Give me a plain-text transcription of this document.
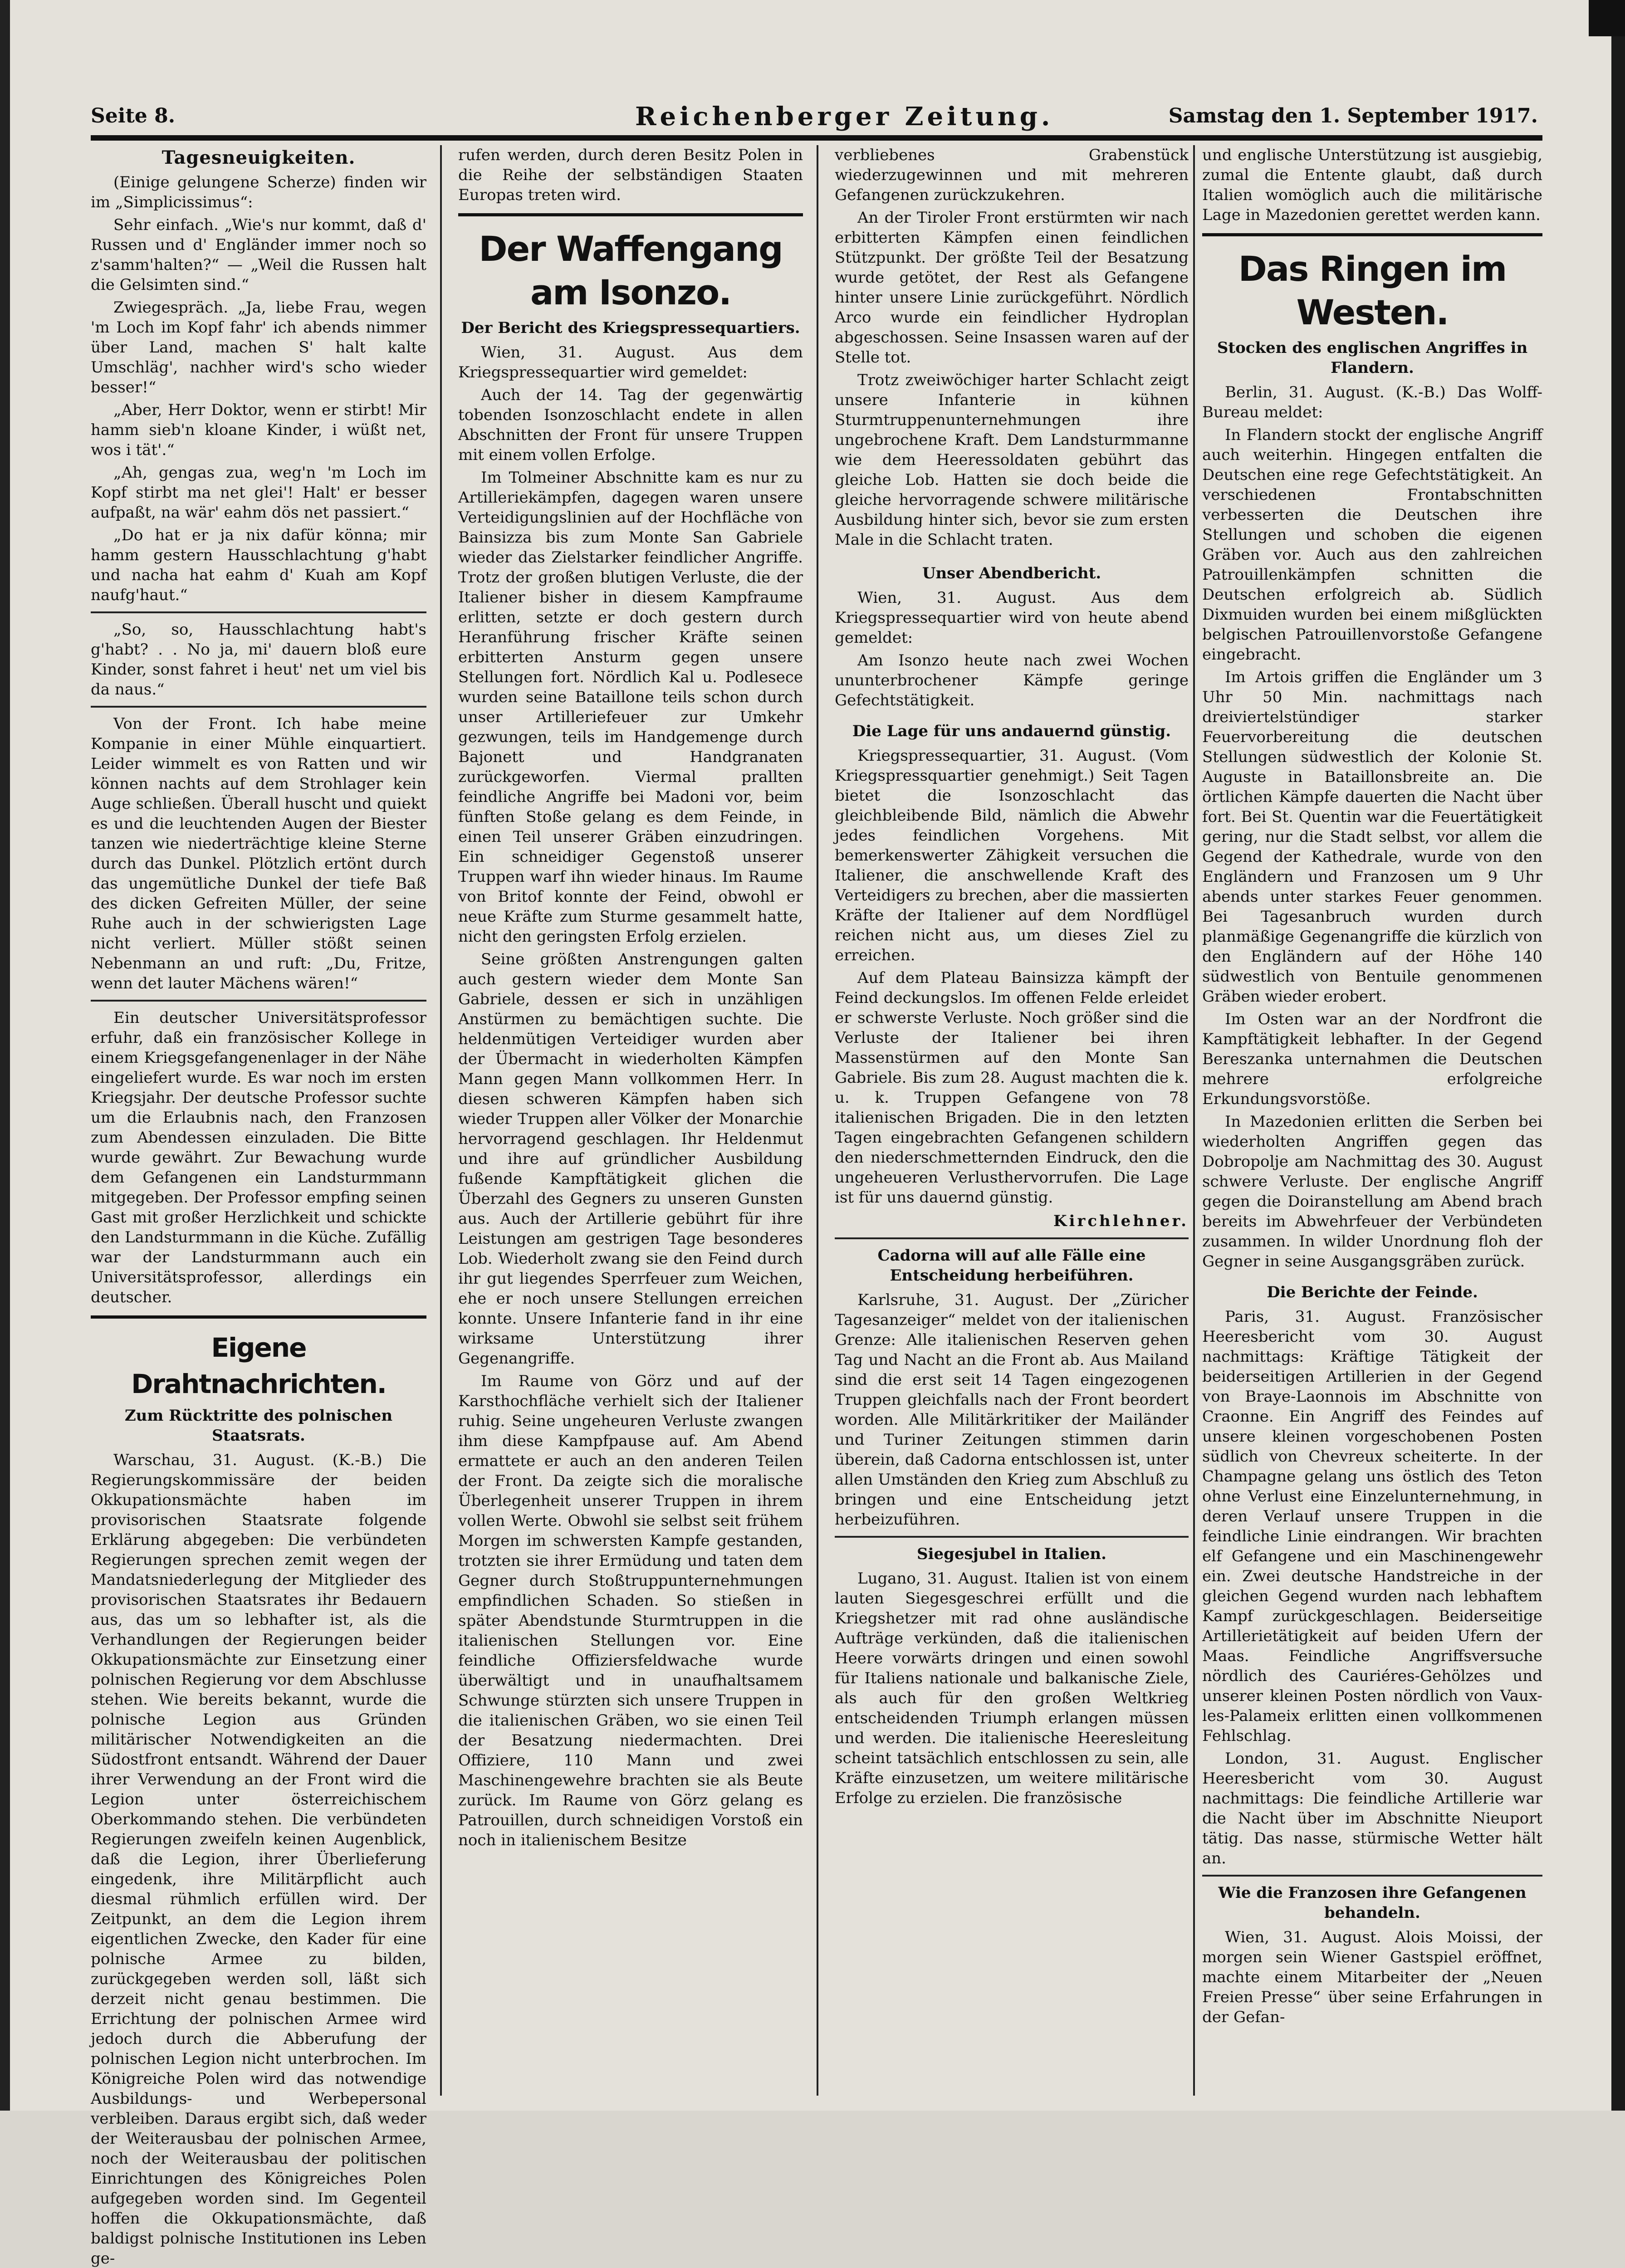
Seite 8.	Reichenberger Zeitung.	Samstag den 1. September 1917.
Tagesneuigkeiten.

(Einige gelungene Scherze) finden wir im „Simplicissimus“:

Sehr einfach. „Wie's nur kommt, daß d' Russen und d' Engländer immer noch so z'samm'halten?“ — „Weil die Russen halt die Gelsimten sind.“

Zwiegespräch. „Ja, liebe Frau, wegen 'm Loch im Kopf fahr' ich abends nimmer über Land, machen S' halt kalte Umschläg', nachher wird's scho wieder besser!“

„Aber, Herr Doktor, wenn er stirbt! Mir hamm sieb'n kloane Kinder, i wüßt net, wos i tät'.“

„Ah, gengas zua, weg'n 'm Loch im Kopf stirbt ma net glei'! Halt' er besser aufpaßt, na wär' eahm dös net passiert.“

„Do hat er ja nix dafür könna; mir hamm gestern Hausschlachtung g'habt und nacha hat eahm d' Kuah am Kopf naufg'haut.“

„So, so, Hausschlachtung habt's g'habt? . . No ja, mi' dauern bloß eure Kinder, sonst fahret i heut' net um viel bis da naus.“

Von der Front. Ich habe meine Kompanie in einer Mühle einquartiert. Leider wimmelt es von Ratten und wir können nachts auf dem Strohlager kein Auge schließen. Überall huscht und quiekt es und die leuchtenden Augen der Biester tanzen wie niederträchtige kleine Sterne durch das Dunkel. Plötzlich ertönt durch das ungemütliche Dunkel der tiefe Baß des dicken Gefreiten Müller, der seine Ruhe auch in der schwierigsten Lage nicht verliert. Müller stößt seinen Nebenmann an und ruft: „Du, Fritze, wenn det lauter Mächens wären!“

Ein deutscher Universitätsprofessor erfuhr, daß ein französischer Kollege in einem Kriegsgefangenenlager in der Nähe eingeliefert wurde. Es war noch im ersten Kriegsjahr. Der deutsche Professor suchte um die Erlaubnis nach, den Franzosen zum Abendessen einzuladen. Die Bitte wurde gewährt. Zur Bewachung wurde dem Gefangenen ein Landsturmmann mitgegeben. Der Professor empfing seinen Gast mit großer Herzlichkeit und schickte den Landsturmmann in die Küche. Zufällig war der Landsturmmann auch ein Universitätsprofessor, allerdings ein deutscher.

Eigene Drahtnachrichten.
Zum Rücktritte des polnischen Staatsrats.

Warschau, 31. August. (K.-B.) Die Regierungskommissäre der beiden Okkupationsmächte haben im provisorischen Staatsrate folgende Erklärung abgegeben: Die verbündeten Regierungen sprechen zemit wegen der Mandatsniederlegung der Mitglieder des provisorischen Staatsrates ihr Bedauern aus, das um so lebhafter ist, als die Verhandlungen der Regierungen beider Okkupationsmächte zur Einsetzung einer polnischen Regierung vor dem Abschlusse stehen. Wie bereits bekannt, wurde die polnische Legion aus Gründen militärischer Notwendigkeiten an die Südostfront entsandt. Während der Dauer ihrer Verwendung an der Front wird die Legion unter österreichischem Oberkommando stehen. Die verbündeten Regierungen zweifeln keinen Augenblick, daß die Legion, ihrer Überlieferung eingedenk, ihre Militärpflicht auch diesmal rühmlich erfüllen wird. Der Zeitpunkt, an dem die Legion ihrem eigentlichen Zwecke, den Kader für eine polnische Armee zu bilden, zurückgegeben werden soll, läßt sich derzeit nicht genau bestimmen. Die Errichtung der polnischen Armee wird jedoch durch die Abberufung der polnischen Legion nicht unterbrochen. Im Königreiche Polen wird das notwendige Ausbildungs- und Werbepersonal verbleiben. Daraus ergibt sich, daß weder der Weiterausbau der polnischen Armee, noch der Weiterausbau der politischen Einrichtungen des Königreiches Polen aufgegeben worden sind. Im Gegenteil hoffen die Okkupationsmächte, daß baldigst polnische Institutionen ins Leben ge-

rufen werden, durch deren Besitz Polen in die Reihe der selbständigen Staaten Europas treten wird.

Der Waffengang am Isonzo.
Der Bericht des Kriegspressequartiers.

Wien, 31. August. Aus dem Kriegspressequartier wird gemeldet:

Auch der 14. Tag der gegenwärtig tobenden Isonzoschlacht endete in allen Abschnitten der Front für unsere Truppen mit einem vollen Erfolge.

Im Tolmeiner Abschnitte kam es nur zu Artilleriekämpfen, dagegen waren unsere Verteidigungslinien auf der Hochfläche von Bainsizza bis zum Monte San Gabriele wieder das Zielstarker feindlicher Angriffe. Trotz der großen blutigen Verluste, die der Italiener bisher in diesem Kampfraume erlitten, setzte er doch gestern durch Heranführung frischer Kräfte seinen erbitterten Ansturm gegen unsere Stellungen fort. Nördlich Kal u. Podlesece wurden seine Bataillone teils schon durch unser Artilleriefeuer zur Umkehr gezwungen, teils im Handgemenge durch Bajonett und Handgranaten zurückgeworfen. Viermal prallten feindliche Angriffe bei Madoni vor, beim fünften Stoße gelang es dem Feinde, in einen Teil unserer Gräben einzudringen. Ein schneidiger Gegenstoß unserer Truppen warf ihn wieder hinaus. Im Raume von Britof konnte der Feind, obwohl er neue Kräfte zum Sturme gesammelt hatte, nicht den geringsten Erfolg erzielen.

Seine größten Anstrengungen galten auch gestern wieder dem Monte San Gabriele, dessen er sich in unzähligen Anstürmen zu bemächtigen suchte. Die heldenmütigen Verteidiger wurden aber der Übermacht in wiederholten Kämpfen Mann gegen Mann vollkommen Herr. In diesen schweren Kämpfen haben sich wieder Truppen aller Völker der Monarchie hervorragend geschlagen. Ihr Heldenmut und ihre auf gründlicher Ausbildung fußende Kampftätigkeit glichen die Überzahl des Gegners zu unseren Gunsten aus. Auch der Artillerie gebührt für ihre Leistungen am gestrigen Tage besonderes Lob. Wiederholt zwang sie den Feind durch ihr gut liegendes Sperrfeuer zum Weichen, ehe er noch unsere Stellungen erreichen konnte. Unsere Infanterie fand in ihr eine wirksame Unterstützung ihrer Gegenangriffe.

Im Raume von Görz und auf der Karsthochfläche verhielt sich der Italiener ruhig. Seine ungeheuren Verluste zwangen ihm diese Kampfpause auf. Am Abend ermattete er auch an den anderen Teilen der Front. Da zeigte sich die moralische Überlegenheit unserer Truppen in ihrem vollen Werte. Obwohl sie selbst seit frühem Morgen im schwersten Kampfe gestanden, trotzten sie ihrer Ermüdung und taten dem Gegner durch Stoßtruppunternehmungen empfindlichen Schaden. So stießen in später Abendstunde Sturmtruppen in die italienischen Stellungen vor. Eine feindliche Offiziersfeldwache wurde überwältigt und in unaufhaltsamem Schwunge stürzten sich unsere Truppen in die italienischen Gräben, wo sie einen Teil der Besatzung niedermachten. Drei Offiziere, 110 Mann und zwei Maschinengewehre brachten sie als Beute zurück. Im Raume von Görz gelang es Patrouillen, durch schneidigen Vorstoß ein noch in italienischem Besitze

verbliebenes Grabenstück wiederzugewinnen und mit mehreren Gefangenen zurückzukehren.

An der Tiroler Front erstürmten wir nach erbitterten Kämpfen einen feindlichen Stützpunkt. Der größte Teil der Besatzung wurde getötet, der Rest als Gefangene hinter unsere Linie zurückgeführt. Nördlich Arco wurde ein feindlicher Hydroplan abgeschossen. Seine Insassen waren auf der Stelle tot.

Trotz zweiwöchiger harter Schlacht zeigt unsere Infanterie in kühnen Sturmtruppenunternehmungen ihre ungebrochene Kraft. Dem Landsturmmanne wie dem Heeressoldaten gebührt das gleiche Lob. Hatten sie doch beide die gleiche hervorragende schwere militärische Ausbildung hinter sich, bevor sie zum ersten Male in die Schlacht traten.

Unser Abendbericht.

Wien, 31. August. Aus dem Kriegspressequartier wird von heute abend gemeldet:

Am Isonzo heute nach zwei Wochen ununterbrochener Kämpfe geringe Gefechtstätigkeit.

Die Lage für uns andauernd günstig.

Kriegspressequartier, 31. August. (Vom Kriegspressquartier genehmigt.) Seit Tagen bietet die Isonzoschlacht das gleichbleibende Bild, nämlich die Abwehr jedes feindlichen Vorgehens. Mit bemerkenswerter Zähigkeit versuchen die Italiener, die anschwellende Kraft des Verteidigers zu brechen, aber die massierten Kräfte der Italiener auf dem Nordflügel reichen nicht aus, um dieses Ziel zu erreichen.

Auf dem Plateau Bainsizza kämpft der Feind deckungslos. Im offenen Felde erleidet er schwerste Verluste. Noch größer sind die Verluste der Italiener bei ihren Massenstürmen auf den Monte San Gabriele. Bis zum 28. August machten die k. u. k. Truppen Gefangene von 78 italienischen Brigaden. Die in den letzten Tagen eingebrachten Gefangenen schildern den niederschmetternden Eindruck, den die ungeheueren Verlusthervorrufen. Die Lage ist für uns dauernd günstig.

Kirchlehner.
Cadorna will auf alle Fälle eine Entscheidung herbeiführen.

Karlsruhe, 31. August. Der „Züricher Tagesanzeiger“ meldet von der italienischen Grenze: Alle italienischen Reserven gehen Tag und Nacht an die Front ab. Aus Mailand sind die erst seit 14 Tagen eingezogenen Truppen gleichfalls nach der Front beordert worden. Alle Militärkritiker der Mailänder und Turiner Zeitungen stimmen darin überein, daß Cadorna entschlossen ist, unter allen Umständen den Krieg zum Abschluß zu bringen und eine Entscheidung jetzt herbeizuführen.

Siegesjubel in Italien.

Lugano, 31. August. Italien ist von einem lauten Siegesgeschrei erfüllt und die Kriegshetzer mit rad ohne ausländische Aufträge verkünden, daß die italienischen Heere vorwärts dringen und einen sowohl für Italiens nationale und balkanische Ziele, als auch für den großen Weltkrieg entscheidenden Triumph erlangen müssen und werden. Die italienische Heeresleitung scheint tatsächlich entschlossen zu sein, alle Kräfte einzusetzen, um weitere militärische Erfolge zu erzielen. Die französische

und englische Unterstützung ist ausgiebig, zumal die Entente glaubt, daß durch Italien womöglich auch die militärische Lage in Mazedonien gerettet werden kann.

Das Ringen im Westen.
Stocken des englischen Angriffes in Flandern.

Berlin, 31. August. (K.-B.) Das Wolff-Bureau meldet:

In Flandern stockt der englische Angriff auch weiterhin. Hingegen entfalten die Deutschen eine rege Gefechtstätigkeit. An verschiedenen Frontabschnitten verbesserten die Deutschen ihre Stellungen und schoben die eigenen Gräben vor. Auch aus den zahlreichen Patrouillenkämpfen schnitten die Deutschen erfolgreich ab. Südlich Dixmuiden wurden bei einem mißglückten belgischen Patrouillenvorstoße Gefangene eingebracht.

Im Artois griffen die Engländer um 3 Uhr 50 Min. nachmittags nach dreiviertelstündiger starker Feuervorbereitung die deutschen Stellungen südwestlich der Kolonie St. Auguste in Bataillonsbreite an. Die örtlichen Kämpfe dauerten die Nacht über fort. Bei St. Quentin war die Feuertätigkeit gering, nur die Stadt selbst, vor allem die Gegend der Kathedrale, wurde von den Engländern und Franzosen um 9 Uhr abends unter starkes Feuer genommen. Bei Tagesanbruch wurden durch planmäßige Gegenangriffe die kürzlich von den Engländern auf der Höhe 140 südwestlich von Bentuile genommenen Gräben wieder erobert.

Im Osten war an der Nordfront die Kampftätigkeit lebhafter. In der Gegend Bereszanka unternahmen die Deutschen mehrere erfolgreiche Erkundungsvorstöße.

In Mazedonien erlitten die Serben bei wiederholten Angriffen gegen das Dobropolje am Nachmittag des 30. August schwere Verluste. Der englische Angriff gegen die Doiranstellung am Abend brach bereits im Abwehrfeuer der Verbündeten zusammen. In wilder Unordnung floh der Gegner in seine Ausgangsgräben zurück.

Die Berichte der Feinde.

Paris, 31. August. Französischer Heeresbericht vom 30. August nachmittags: Kräftige Tätigkeit der beiderseitigen Artillerien in der Gegend von Braye-Laonnois im Abschnitte von Craonne. Ein Angriff des Feindes auf unsere kleinen vorgeschobenen Posten südlich von Chevreux scheiterte. In der Champagne gelang uns östlich des Teton ohne Verlust eine Einzelunternehmung, in deren Verlauf unsere Truppen in die feindliche Linie eindrangen. Wir brachten elf Gefangene und ein Maschinengewehr ein. Zwei deutsche Handstreiche in der gleichen Gegend wurden nach lebhaftem Kampf zurückgeschlagen. Beiderseitige Artillerietätigkeit auf beiden Ufern der Maas. Feindliche Angriffsversuche nördlich des Cauriéres-Gehölzes und unserer kleinen Posten nördlich von Vaux-les-Palameix erlitten einen vollkommenen Fehlschlag.

London, 31. August. Englischer Heeresbericht vom 30. August nachmittags: Die feindliche Artillerie war die Nacht über im Abschnitte Nieuport tätig. Das nasse, stürmische Wetter hält an.

Wie die Franzosen ihre Gefangenen behandeln.

Wien, 31. August. Alois Moissi, der morgen sein Wiener Gastspiel eröffnet, machte einem Mitarbeiter der „Neuen Freien Presse“ über seine Erfahrungen in der Gefan-
